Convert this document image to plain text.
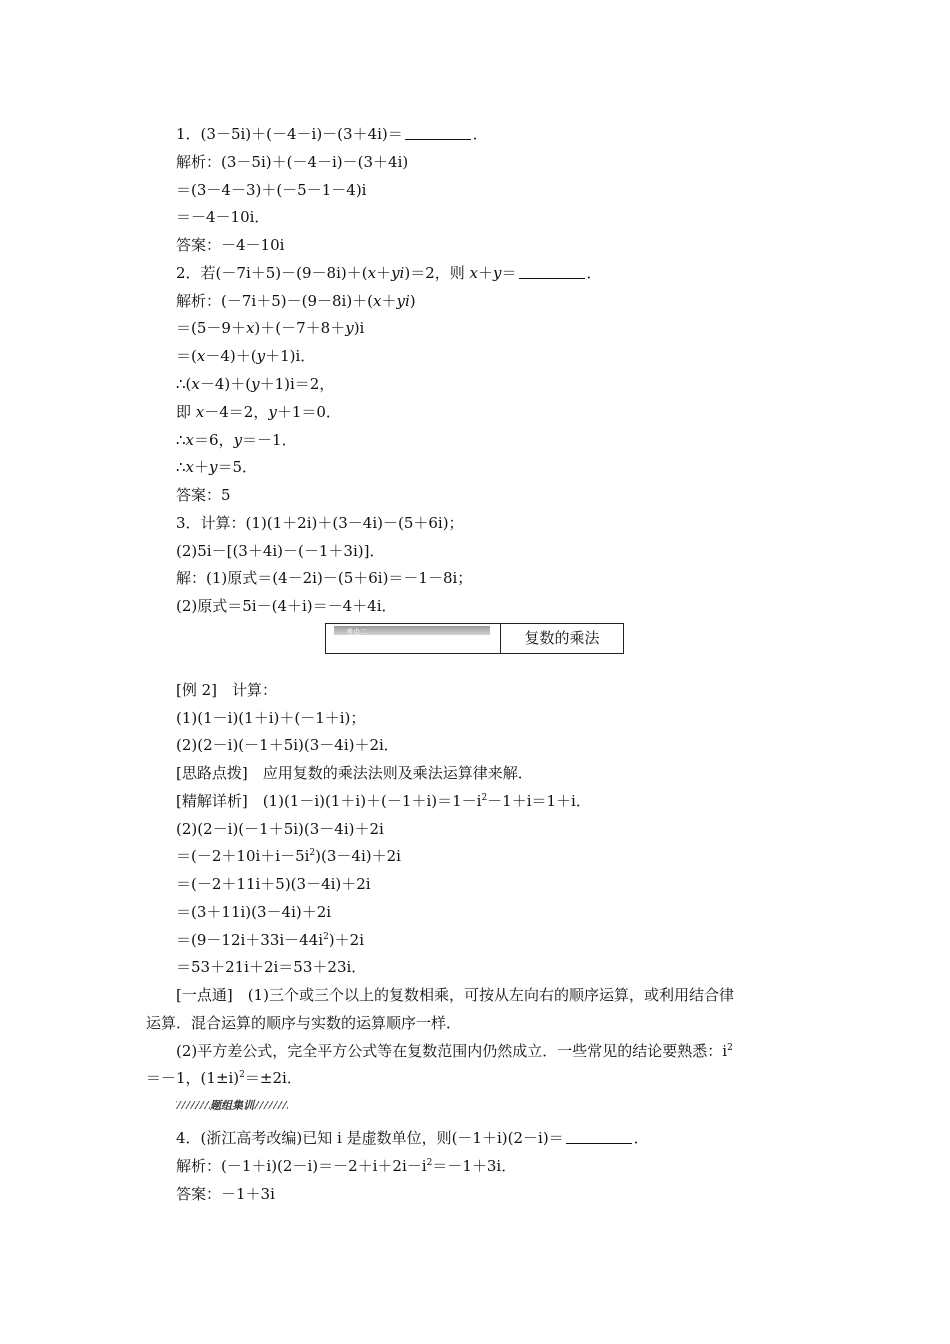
1．(3－5i)＋(－4－i)－(3＋4i)＝	．
解析：(3－5i)＋(－4－i)－(3＋4i)
＝(3－4－3)＋(－5－1－4)i
＝－4－10i．
答案：－4－10i
2．若(－7i＋5)－(9－8i)＋(x＋yi)＝2，则 x＋y＝	．
解析：(－7i＋5)－(9－8i)＋(x＋yi)
＝(5－9＋x)＋(－7＋8＋y)i
＝(x－4)＋(y＋1)i．
∴(x－4)＋(y＋1)i＝2，
即 x－4＝2，y＋1＝0．
∴x＝6，y＝－1．
∴x＋y＝5．
答案：5
3．计算：(1)(1＋2i)＋(3－4i)－(5＋6i)；
(2)5i－[(3＋4i)－(－1＋3i)]．
解：(1)原式＝(4－2i)－(5＋6i)＝－1－8i；
(2)原式＝5i－(4＋i)＝－4＋4i．
考点二	复数的乘法
[例 2]　计算：
(1)(1－i)(1＋i)＋(－1＋i)；
(2)(2－i)(－1＋5i)(3－4i)＋2i．
[思路点拨]　应用复数的乘法法则及乘法运算律来解．
[精解详析]　$(1)(1-i)(1+i)+(-1+i)=1-i^2-1+i=1+i$．
(2)(2－i)(－1＋5i)(3－4i)＋2i
$=(-2+10i+i-5i^2)(3-4i)+2i$
＝(－2＋11i＋5)(3－4i)＋2i
＝(3＋11i)(3－4i)＋2i
$=(9-12i+33i-44i^2)+2i$
＝53＋21i＋2i＝53＋23i．
[一点通]　(1)三个或三个以上的复数相乘，可按从左向右的顺序运算，或利用结合律
运算．混合运算的顺序与实数的运算顺序一样．
(2)平方差公式，完全平方公式等在复数范围内仍然成立．一些常见的结论要熟悉：$i^2$
＝－1，$(1\pm i)^2=\pm 2i$．
题组集训
4．(浙江高考改编)已知 i 是虚数单位，则(－1＋i)(2－i)＝	．
解析：$(-1+i)(2-i)=-2+i+2i-i^2=-1+3i$．
答案：－1＋3i
